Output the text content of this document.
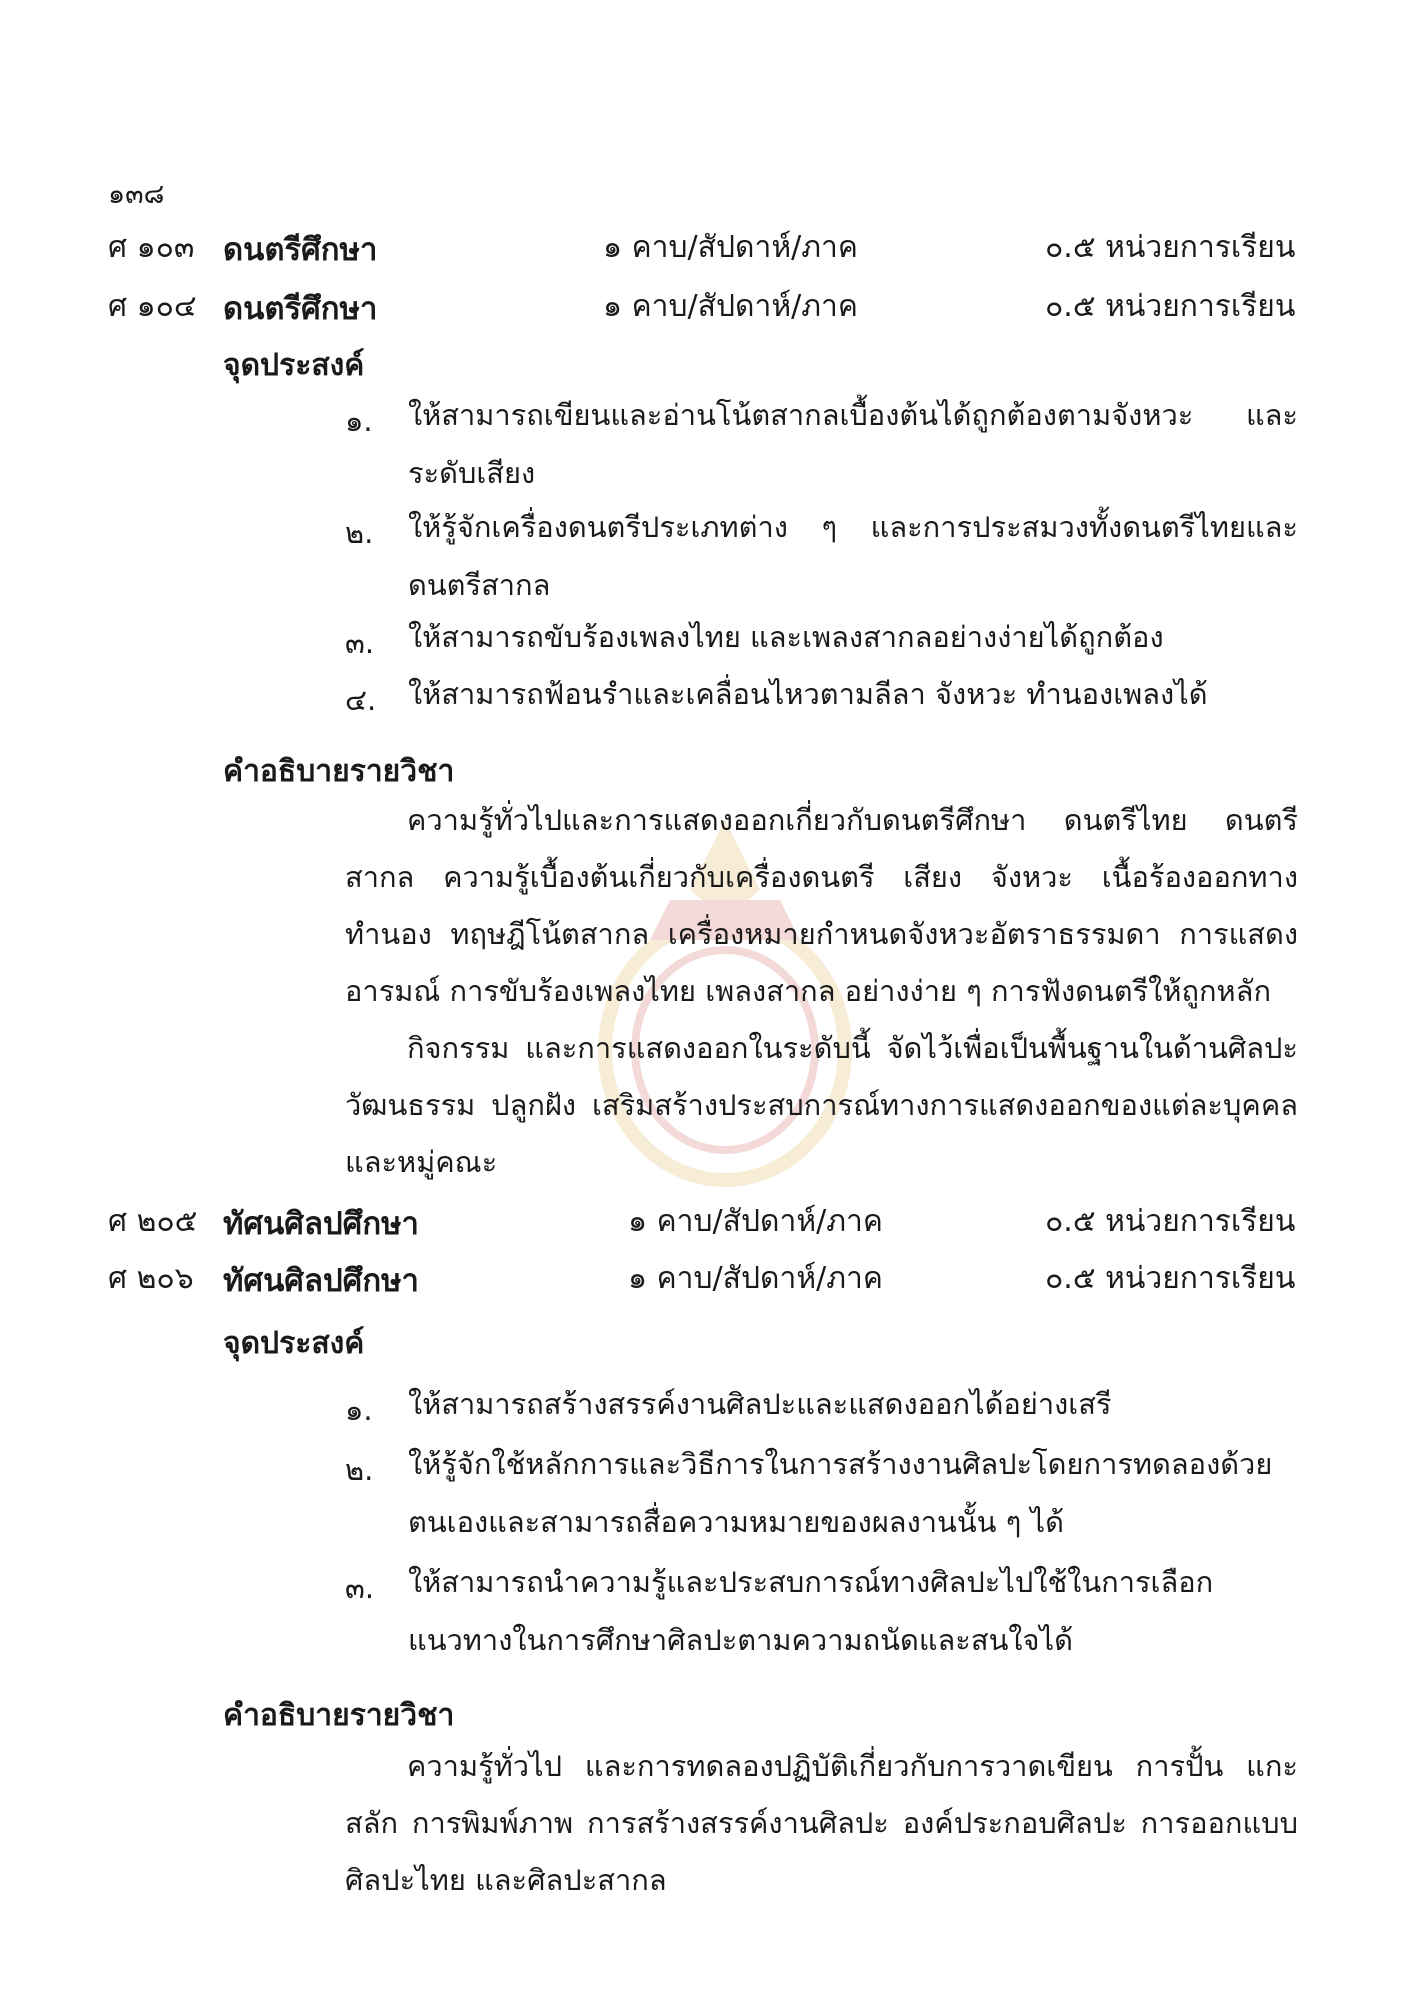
๑๓๘
ศ ๑๐๓ ดนตรีศึกษา	๑ คาบ/สัปดาห์/ภาค	๐.๕ หน่วยการเรียน
ศ ๑๐๔ ดนตรีศึกษา	๑ คาบ/สัปดาห์/ภาค	๐.๕ หน่วยการเรียน
จุดประสงค์
๑. ให้สามารถเขียนและอ่านโน้ตสากลเบื้องต้นได้ถูกต้องตามจังหวะ และระดับเสียง
๒. ให้รู้จักเครื่องดนตรีประเภทต่าง ๆ และการประสมวงทั้งดนตรีไทยและดนตรีสากล
๓. ให้สามารถขับร้องเพลงไทย และเพลงสากลอย่างง่ายได้ถูกต้อง
๔. ให้สามารถฟ้อนรำและเคลื่อนไหวตามลีลา จังหวะ ทำนองเพลงได้
คำอธิบายรายวิชา
ความรู้ทั่วไปและการแสดงออกเกี่ยวกับดนตรีศึกษา ดนตรีไทย ดนตรีสากล ความรู้เบื้องต้นเกี่ยวกับเครื่องดนตรี เสียง จังหวะ เนื้อร้องออกทาง ทำนอง ทฤษฎีโน้ตสากล เครื่องหมายกำหนดจังหวะอัตราธรรมดา การแสดงอารมณ์ การขับร้องเพลงไทย เพลงสากล อย่างง่าย ๆ การฟังดนตรีให้ถูกหลัก
กิจกรรม และการแสดงออกในระดับนี้ จัดไว้เพื่อเป็นพื้นฐานในด้านศิลปะวัฒนธรรม ปลูกฝัง เสริมสร้างประสบการณ์ทางการแสดงออกของแต่ละบุคคลและหมู่คณะ
ศ ๒๐๕ ทัศนศิลปศึกษา	๑ คาบ/สัปดาห์/ภาค	๐.๕ หน่วยการเรียน
ศ ๒๐๖ ทัศนศิลปศึกษา	๑ คาบ/สัปดาห์/ภาค	๐.๕ หน่วยการเรียน
จุดประสงค์
๑. ให้สามารถสร้างสรรค์งานศิลปะและแสดงออกได้อย่างเสรี
๒. ให้รู้จักใช้หลักการและวิธีการในการสร้างงานศิลปะโดยการทดลองด้วยตนเองและสามารถสื่อความหมายของผลงานนั้น ๆ ได้
๓. ให้สามารถนำความรู้และประสบการณ์ทางศิลปะไปใช้ในการเลือกแนวทางในการศึกษาศิลปะตามความถนัดและสนใจได้
คำอธิบายรายวิชา
ความรู้ทั่วไป และการทดลองปฏิบัติเกี่ยวกับการวาดเขียน การปั้น แกะสลัก การพิมพ์ภาพ การสร้างสรรค์งานศิลปะ องค์ประกอบศิลปะ การออกแบบศิลปะไทย และศิลปะสากล
